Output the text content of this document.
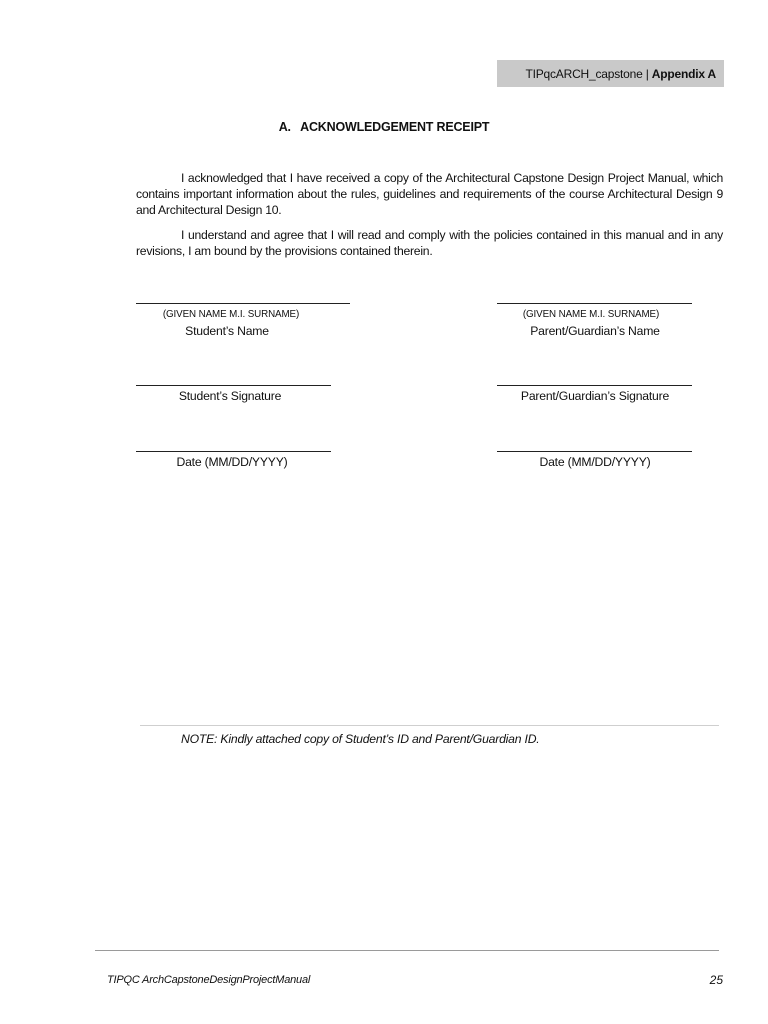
TIPqcARCH_capstone | Appendix A
A.   ACKNOWLEDGEMENT RECEIPT

I acknowledged that I have received a copy of the Architectural Capstone Design Project Manual, which contains important information about the rules, guidelines and requirements of the course Architectural Design 9 and Architectural Design 10.

I understand and agree that I will read and comply with the policies contained in this manual and in any revisions, I am bound by the provisions contained therein.

(GIVEN NAME M.I. SURNAME)
Student’s Name
Student’s Signature
Date (MM/DD/YYYY)
(GIVEN NAME M.I. SURNAME)
Parent/Guardian’s Name
Parent/Guardian’s Signature
Date (MM/DD/YYYY)
NOTE: Kindly attached copy of Student’s ID and Parent/Guardian ID.
TIPQC ArchCapstoneDesignProjectManual	25
